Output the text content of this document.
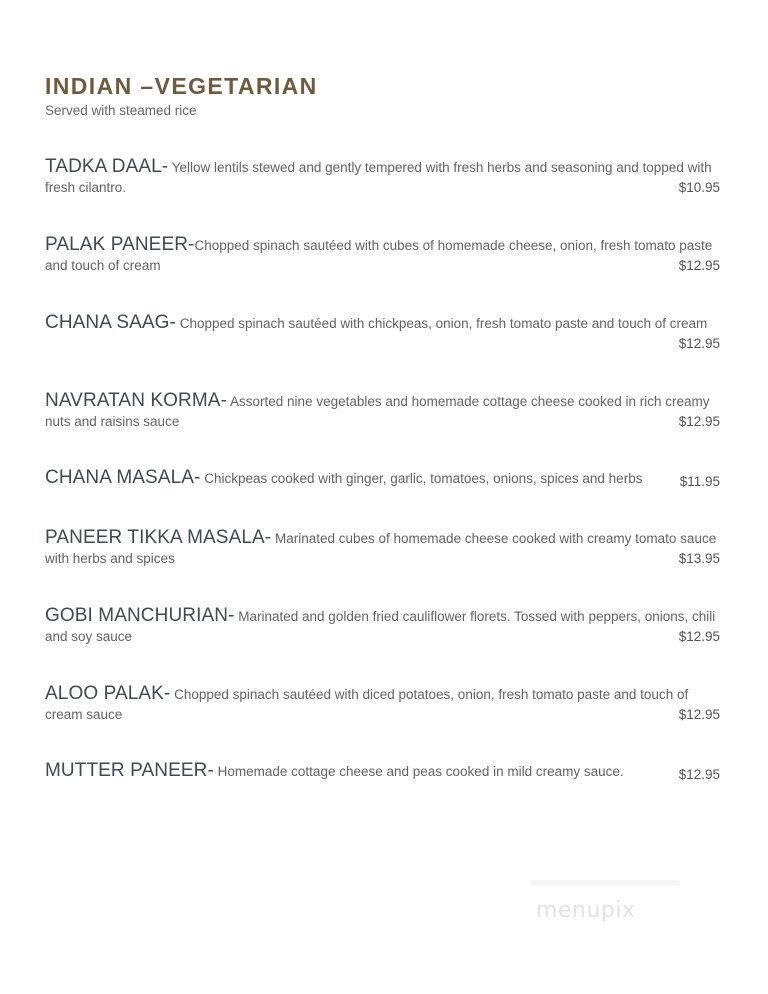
INDIAN –VEGETARIAN
Served with steamed rice
TADKA DAAL- Yellow lentils stewed and gently tempered with fresh herbs and seasoning and topped with
fresh cilantro.	$10.95
PALAK PANEER-Chopped spinach sautéed with cubes of homemade cheese, onion, fresh tomato paste
and touch of cream	$12.95
CHANA SAAG- Chopped spinach sautéed with chickpeas, onion, fresh tomato paste and touch of cream
$12.95
NAVRATAN KORMA- Assorted nine vegetables and homemade cottage cheese cooked in rich creamy
nuts and raisins sauce	$12.95
CHANA MASALA- Chickpeas cooked with ginger, garlic, tomatoes, onions, spices and herbs	$11.95
PANEER TIKKA MASALA- Marinated cubes of homemade cheese cooked with creamy tomato sauce
with herbs and spices	$13.95
GOBI MANCHURIAN- Marinated and golden fried cauliflower florets. Tossed with peppers, onions, chili
and soy sauce	$12.95
ALOO PALAK- Chopped spinach sautéed with diced potatoes, onion, fresh tomato paste and touch of
cream sauce	$12.95
MUTTER PANEER- Homemade cottage cheese and peas cooked in mild creamy sauce.	$12.95
menupix
